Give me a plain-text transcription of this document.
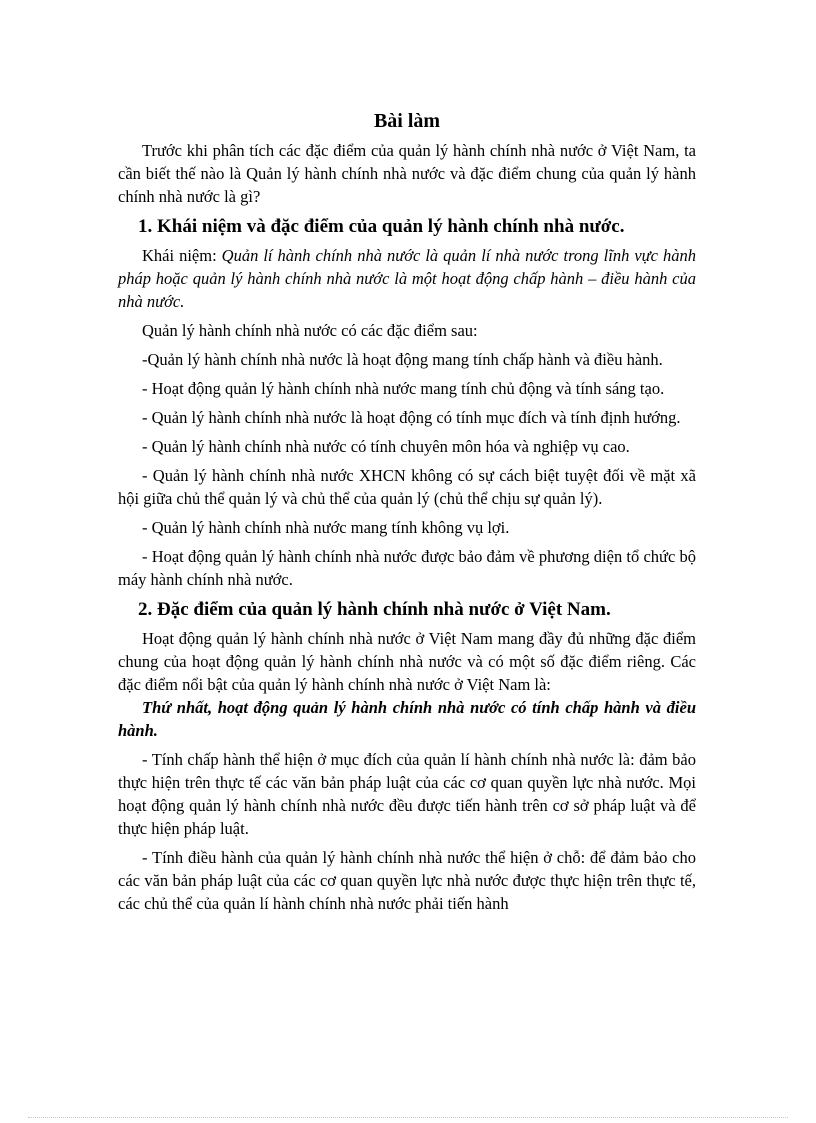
Bài làm

Trước khi phân tích các đặc điểm của quản lý hành chính nhà nước ở Việt Nam, ta cần biết thế nào là Quản lý hành chính nhà nước và đặc điểm chung của quản lý hành chính nhà nước là gì?

1. Khái niệm và đặc điểm của quản lý hành chính nhà nước.

Khái niệm: Quản lí hành chính nhà nước là quản lí nhà nước trong lĩnh vực hành pháp hoặc quản lý hành chính nhà nước là một hoạt động chấp hành – điều hành của nhà nước.

Quản lý hành chính nhà nước có các đặc điểm sau:

-Quản lý hành chính nhà nước là hoạt động mang tính chấp hành và điều hành.

- Hoạt động quản lý hành chính nhà nước mang tính chủ động và tính sáng tạo.

- Quản lý hành chính nhà nước là hoạt động có tính mục đích và tính định hướng.

- Quản lý hành chính nhà nước có tính chuyên môn hóa và nghiệp vụ cao.

- Quản lý hành chính nhà nước XHCN không có sự cách biệt tuyệt đối về mặt xã hội giữa chủ thể quản lý và chủ thể của quản lý (chủ thể chịu sự quản lý).

- Quản lý hành chính nhà nước mang tính không vụ lợi.

- Hoạt động quản lý hành chính nhà nước được bảo đảm về phương diện tổ chức bộ máy hành chính nhà nước.

2. Đặc điểm của quản lý hành chính nhà nước ở Việt Nam.

Hoạt động quản lý hành chính nhà nước ở Việt Nam mang đầy đủ những đặc điểm chung của hoạt động quản lý hành chính nhà nước và có một số đặc điểm riêng. Các đặc điểm nổi bật của quản lý hành chính nhà nước ở Việt Nam là:

Thứ nhất, hoạt động quản lý hành chính nhà nước có tính chấp hành và điều hành.

- Tính chấp hành thể hiện ở mục đích của quản lí hành chính nhà nước là: đảm bảo thực hiện trên thực tế các văn bản pháp luật của các cơ quan quyền lực nhà nước. Mọi hoạt động quản lý hành chính nhà nước đều được tiến hành trên cơ sở pháp luật và để thực hiện pháp luật.

- Tính điều hành của quản lý hành chính nhà nước thể hiện ở chỗ: để đảm bảo cho các văn bản pháp luật của các cơ quan quyền lực nhà nước được thực hiện trên thực tế, các chủ thể của quản lí hành chính nhà nước phải tiến hành
